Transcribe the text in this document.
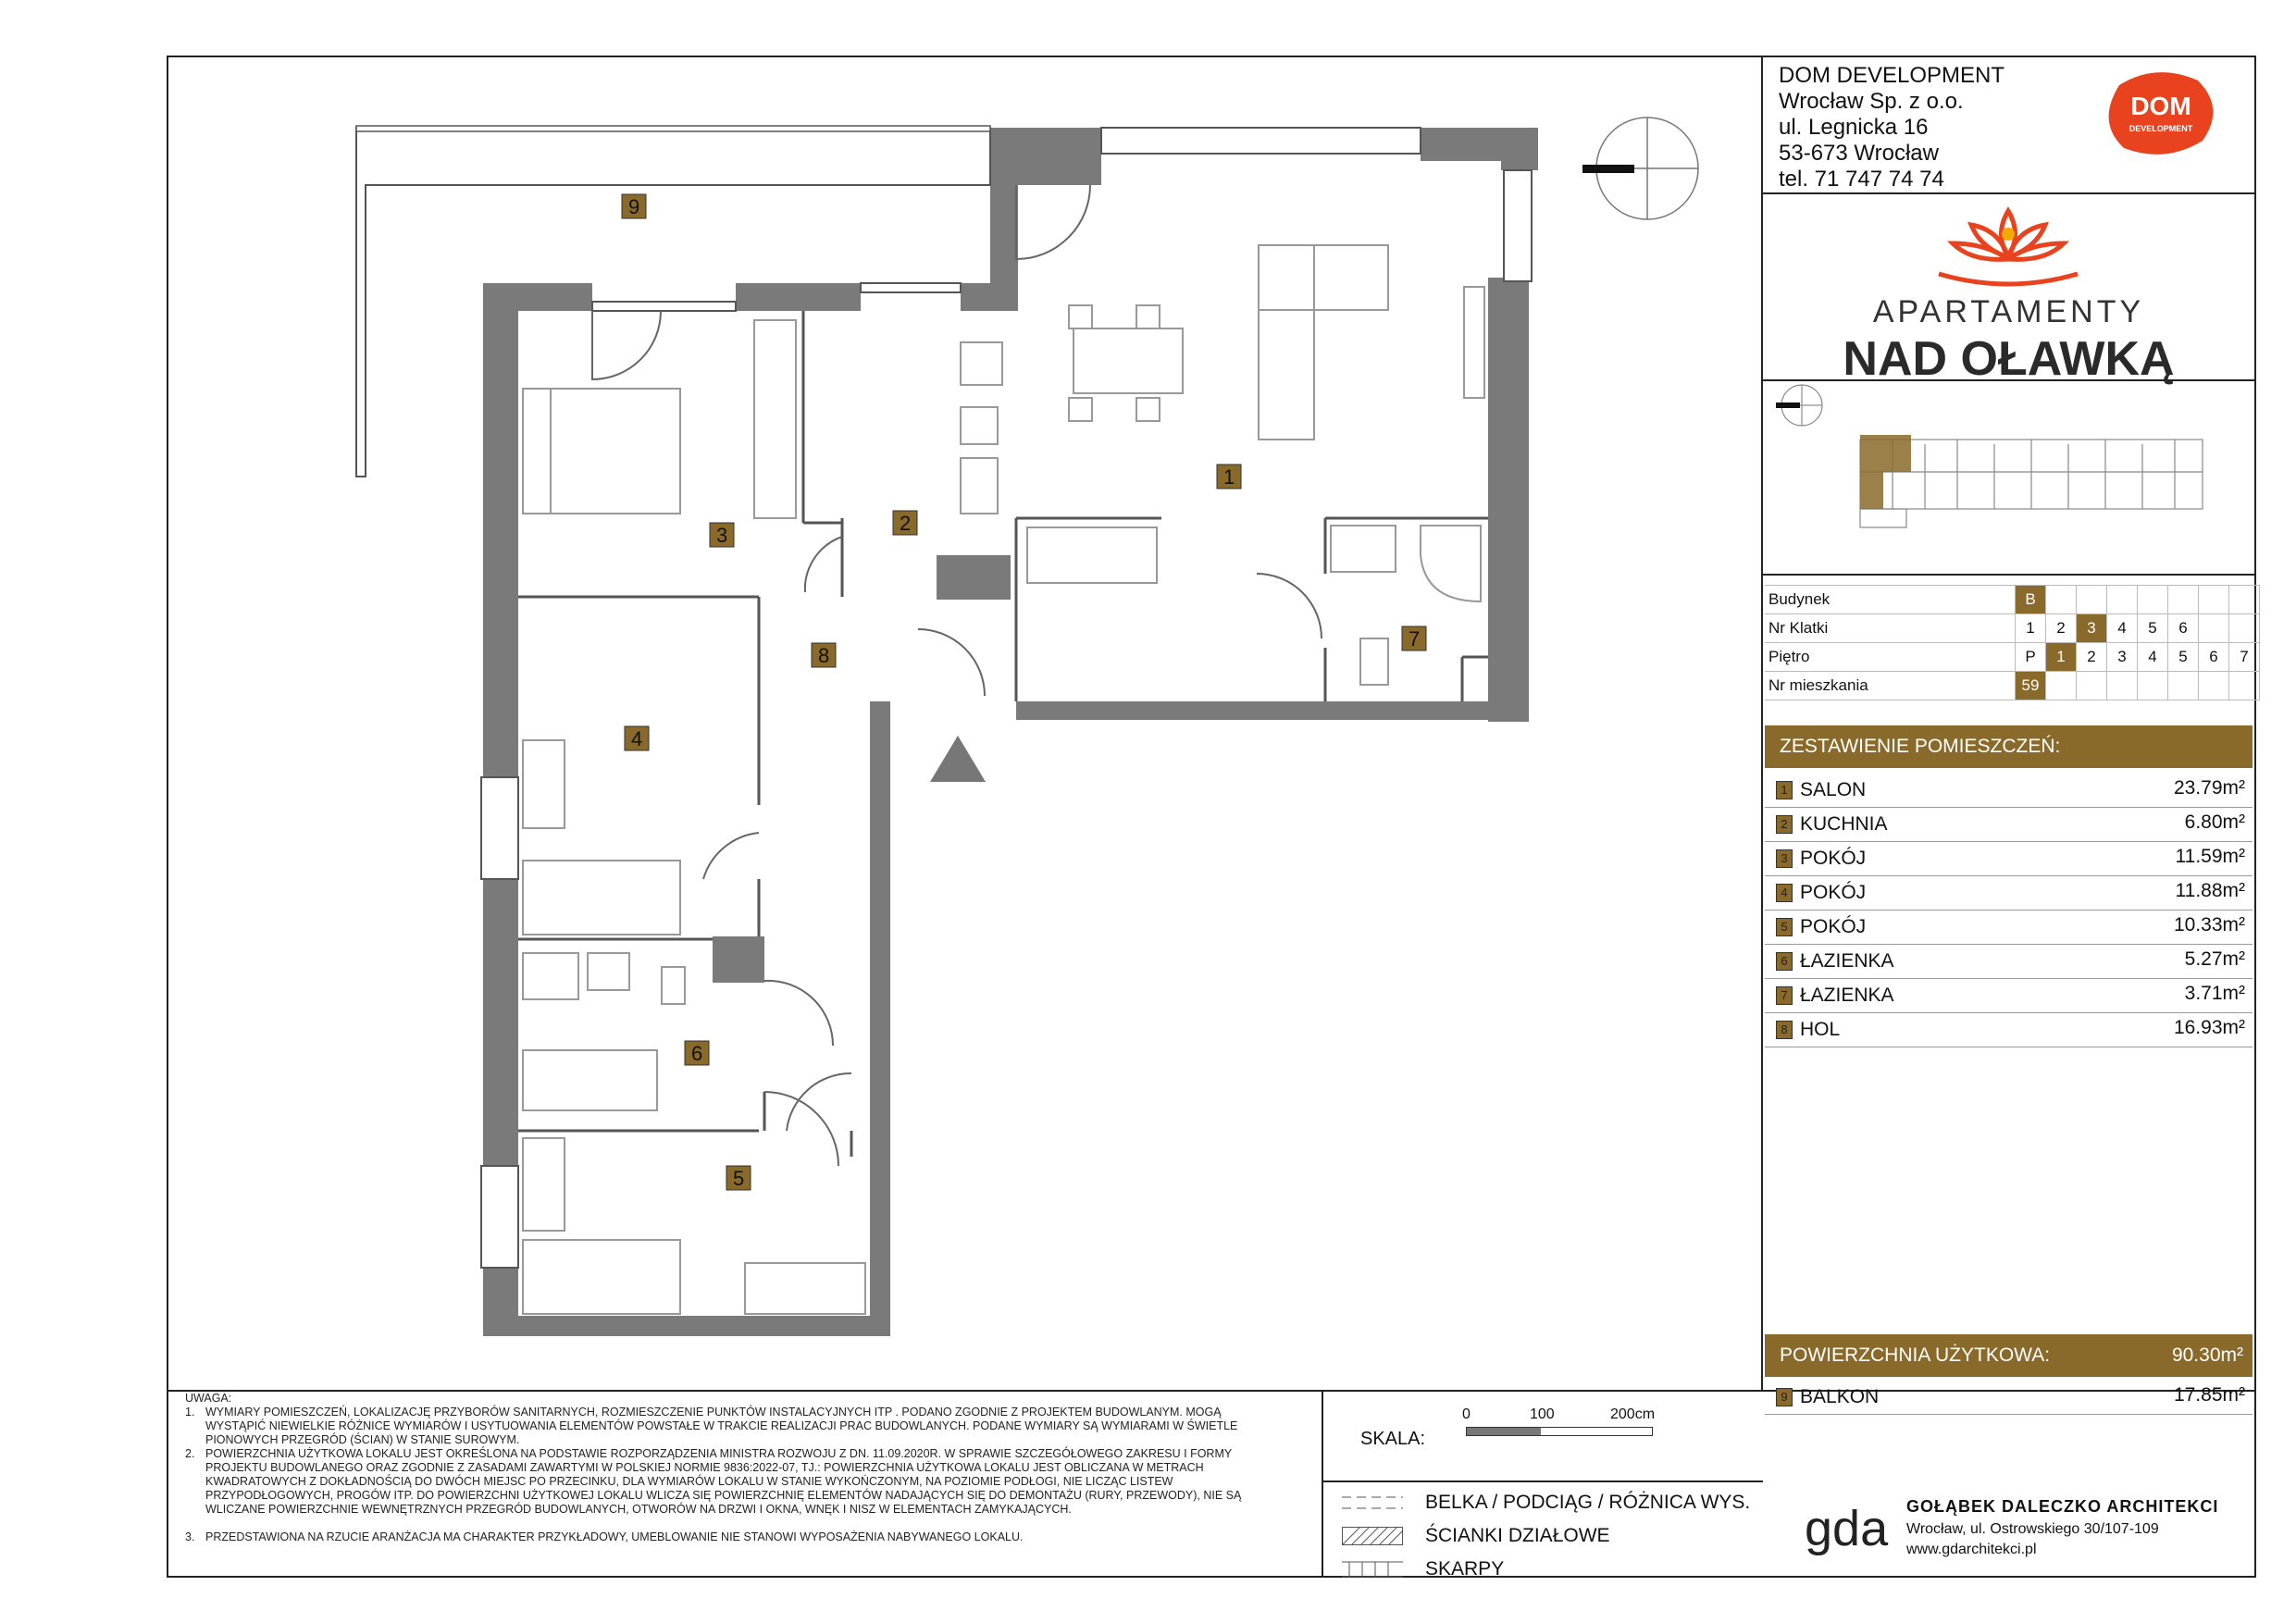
9
1
2
3
4
8
6
7
5
DOM DEVELOPMENT
Wrocław Sp. z o.o.
ul. Legnicka 16
53-673 Wrocław
tel. 71 747 74 74
DOM
DEVELOPMENT
APARTAMENTY
NAD OŁAWKĄ
Budynek	B							
Nr Klatki	1	2	3	4	5	6		
Piętro	P	1	2	3	4	5	6	7
Nr mieszkania	59							
ZESTAWIENIE POMIESZCZEŃ:
1 SALON	23.79m²
2 KUCHNIA	6.80m²
3 POKÓJ	11.59m²
4 POKÓJ	11.88m²
5 POKÓJ	10.33m²
6 ŁAZIENKA	5.27m²
7 ŁAZIENKA	3.71m²
8 HOL	16.93m²
POWIERZCHNIA UŻYTKOWA:	90.30m²
9 BALKON	17.85m²

UWAGA:

1. WYMIARY POMIESZCZEŃ, LOKALIZACJĘ PRZYBORÓW SANITARNYCH, ROZMIESZCZENIE PUNKTÓW INSTALACYJNYCH ITP . PODANO ZGODNIE Z PROJEKTEM BUDOWLANYM. MOGĄ

WYSTĄPIĆ NIEWIELKIE RÓŻNICE WYMIARÓW I USYTUOWANIA ELEMENTÓW POWSTAŁE W TRAKCIE REALIZACJI PRAC BUDOWLANYCH. PODANE WYMIARY SĄ WYMIARAMI W ŚWIETLE

PIONOWYCH PRZEGRÓD (ŚCIAN) W STANIE SUROWYM.

2. POWIERZCHNIA UŻYTKOWA LOKALU JEST OKREŚLONA NA PODSTAWIE ROZPORZĄDZENIA MINISTRA ROZWOJU Z DN. 11.09.2020R. W SPRAWIE SZCZEGÓŁOWEGO ZAKRESU I FORMY

PROJEKTU BUDOWLANEGO ORAZ ZGODNIE Z ZASADAMI ZAWARTYMI W POLSKIEJ NORMIE 9836:2022-07, TJ.: POWIERZCHNIA UŻYTKOWA LOKALU JEST OBLICZANA W METRACH

KWADRATOWYCH Z DOKŁADNOŚCIĄ DO DWÓCH MIEJSC PO PRZECINKU, DLA WYMIARÓW LOKALU W STANIE WYKOŃCZONYM, NA POZIOMIE PODŁOGI, NIE LICZĄC LISTEW

PRZYPODŁOGOWYCH, PROGÓW ITP. DO POWIERZCHNI UŻYTKOWEJ LOKALU WLICZA SIĘ POWIERZCHNIĘ ELEMENTÓW NADAJĄCYCH SIĘ DO DEMONTAŻU (RURY, PRZEWODY), NIE SĄ

WLICZANE POWIERZCHNIE WEWNĘTRZNYCH PRZEGRÓD BUDOWLANYCH, OTWORÓW NA DRZWI I OKNA, WNĘK I NISZ W ELEMENTACH ZAMYKAJĄCYCH.

3. PRZEDSTAWIONA NA RZUCIE ARANŻACJA MA CHARAKTER PRZYKŁADOWY, UMEBLOWANIE NIE STANOWI WYPOSAŻENIA NABYWANEGO LOKALU.

SKALA:
0	100	200cm
BELKA / PODCIĄG / RÓŻNICA WYS.
ŚCIANKI DZIAŁOWE
SKARPY
gda GOŁĄBEK DALECZKO ARCHITEKCI
Wrocław, ul. Ostrowskiego 30/107-109
www.gdarchitekci.pl
